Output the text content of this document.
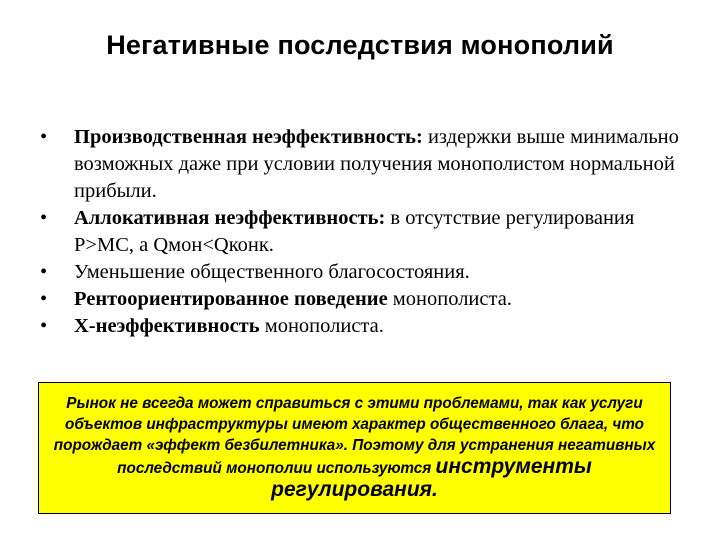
Негативные последствия монополий
•	Производственная неэффективность: издержки выше минимально возможных даже при условии получения монополистом нормальной прибыли.
•	Аллокативная неэффективность: в отсутствие регулирования Р>МС, а Qмон<Qконк.
•	Уменьшение общественного благосостояния.
•	Рентоориентированное поведение монополиста.
•	Х-неэффективность монополиста.
Рынок не всегда может справиться с этими проблемами, так как услуги объектов инфраструктуры имеют характер общественного блага, что порождает «эффект безбилетника». Поэтому для устранения негативных последствий монополии используются инструменты регулирования.
